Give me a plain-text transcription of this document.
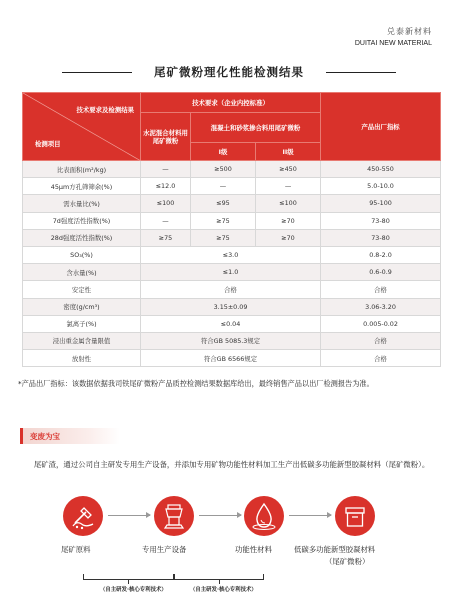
兑泰新材料
DUITAI NEW MATERIAL
尾矿微粉理化性能检测结果
技术要求及检测结果
检测项目	技术要求（企业内控标准）			产品出厂指标
	水泥混合材料用尾矿微粉	混凝土和砂浆掺合料用尾矿微粉		
		I级	II级	
比表面积(m²/kg)	—	≥500	≥450	450-550
45μm方孔筛筛余(%)	≤12.0	—	—	5.0-10.0
需水量比(%)	≤100	≤95	≤100	95-100
7d强度活性指数(%)	—	≥75	≥70	73-80
28d强度活性指数(%)	≥75	≥75	≥70	73-80
SO₃(%)	≤3.0			0.8-2.0
含水量(%)	≤1.0			0.6-0.9
安定性	合格			合格
密度(g/cm³)	3.15±0.09			3.06-3.20
氯离子(%)	≤0.04			0.005-0.02
浸出重金属含量限值	符合GB 5085.3规定			合格
放射性	符合GB 6566规定			合格
*产品出厂指标：该数据依据我司铁尾矿微粉产品质控检测结果数据库给出，最终销售产品以出厂检测报告为准。
变废为宝
尾矿渣，通过公司自主研发专用生产设备，并添加专用矿物功能性材料加工生产出低碳多功能新型胶凝材料（尾矿微粉）。
尾矿原料	专用生产设备	功能性材料	低碳多功能新型胶凝材料
（尾矿微粉）
（自主研发·核心专利技术）	（自主研发·核心专利技术）
